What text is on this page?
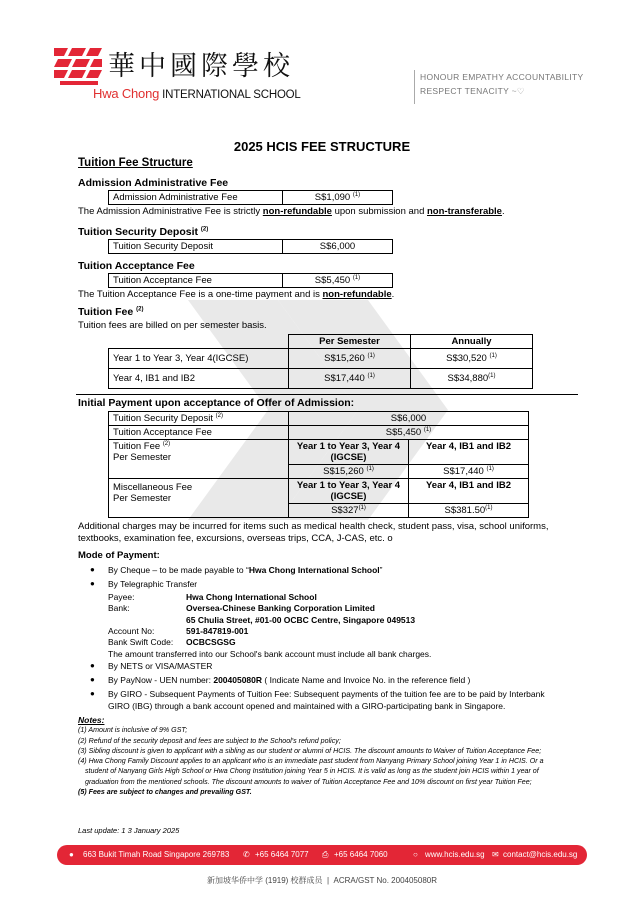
華中國際學校
Hwa Chong INTERNATIONAL SCHOOL
HONOUR EMPATHY ACCOUNTABILITY
RESPECT TENACITY ~♡
2025 HCIS FEE STRUCTURE
Tuition Fee Structure
Admission Administrative Fee
Admission Administrative Fee	S$1,090 $^{(1)}$
The Admission Administrative Fee is strictly non-refundable upon submission and non-transferable.
Tuition Security Deposit $^{(2)}$
Tuition Security Deposit	S$6,000
Tuition Acceptance Fee
Tuition Acceptance Fee	S$5,450 $^{(1)}$
The Tuition Acceptance Fee is a one-time payment and is non-refundable.
Tuition Fee $^{(2)}$
Tuition fees are billed on per semester basis.
	Per Semester	Annually
Year 1 to Year 3, Year 4(IGCSE)	S$15,260 $^{(1)}$	S$30,520 $^{(1)}$
Year 4, IB1 and IB2	S$17,440 $^{(1)}$	S$34,880$^{(1)}$
Initial Payment upon acceptance of Offer of Admission:
Tuition Security Deposit $^{(2)}$	S$6,000	
Tuition Acceptance Fee	S$5,450 $^{(1)}$
Tuition Fee $^{(2)}$
Per Semester	Year 1 to Year 3, Year 4 (IGCSE)	Year 4, IB1 and IB2
	S$15,260 $^{(1)}$	S$17,440 $^{(1)}$
Miscellaneous Fee
Per Semester	Year 1 to Year 3, Year 4 (IGCSE)	Year 4, IB1 and IB2
	S$327$^{(1)}$	S$381.50$^{(1)}$
Additional charges may be incurred for items such as medical health check, student pass, visa, school uniforms,
textbooks, examination fee, excursions, overseas trips, CCA, J-CAS, etc. o
Mode of Payment:
● By Cheque – to be made payable to “Hwa Chong International School”
● By Telegraphic Transfer
Payee:	Hwa Chong International School
Bank:	Oversea-Chinese Banking Corporation Limited
65 Chulia Street, #01-00 OCBC Centre, Singapore 049513
Account No:	591-847819-001
Bank Swift Code: OCBCSGSG
The amount transferred into our School's bank account must include all bank charges.
● By NETS or VISA/MASTER
● By PayNow - UEN number: 200405080R ( Indicate Name and Invoice No. in the reference field )
● By GIRO - Subsequent Payments of Tuition Fee: Subsequent payments of the tuition fee are to be paid by Interbank
GIRO (IBG) through a bank account opened and maintained with a GIRO-participating bank in Singapore.
Notes:
(1) Amount is inclusive of 9% GST;
(2) Refund of the security deposit and fees are subject to the School's refund policy;
(3) Sibling discount is given to applicant with a sibling as our student or alumni of HCIS. The discount amounts to Waiver of Tuition Acceptance Fee;
(4) Hwa Chong Family Discount applies to an applicant who is an immediate past student from Nanyang Primary School joining Year 1 in HCIS. Or a
student of Nanyang Girls High School or Hwa Chong Institution joining Year 5 in HCIS. It is valid as long as the student join HCIS within 1 year of
graduation from the mentioned schools. The discount amounts to waiver of Tuition Acceptance Fee and 10% discount on first year Tuition Fee;
(5) Fees are subject to changes and prevailing GST.
Last update: 1 3 January 2025
● 663 Bukit Timah Road Singapore 269783 ✆ +65 6464 7077 ⎙ +65 6464 7060	○ www.hcis.edu.sg ✉ contact@hcis.edu.sg
新加坡华侨中学 (1919) 校群成员  |  ACRA/GST No. 200405080R
